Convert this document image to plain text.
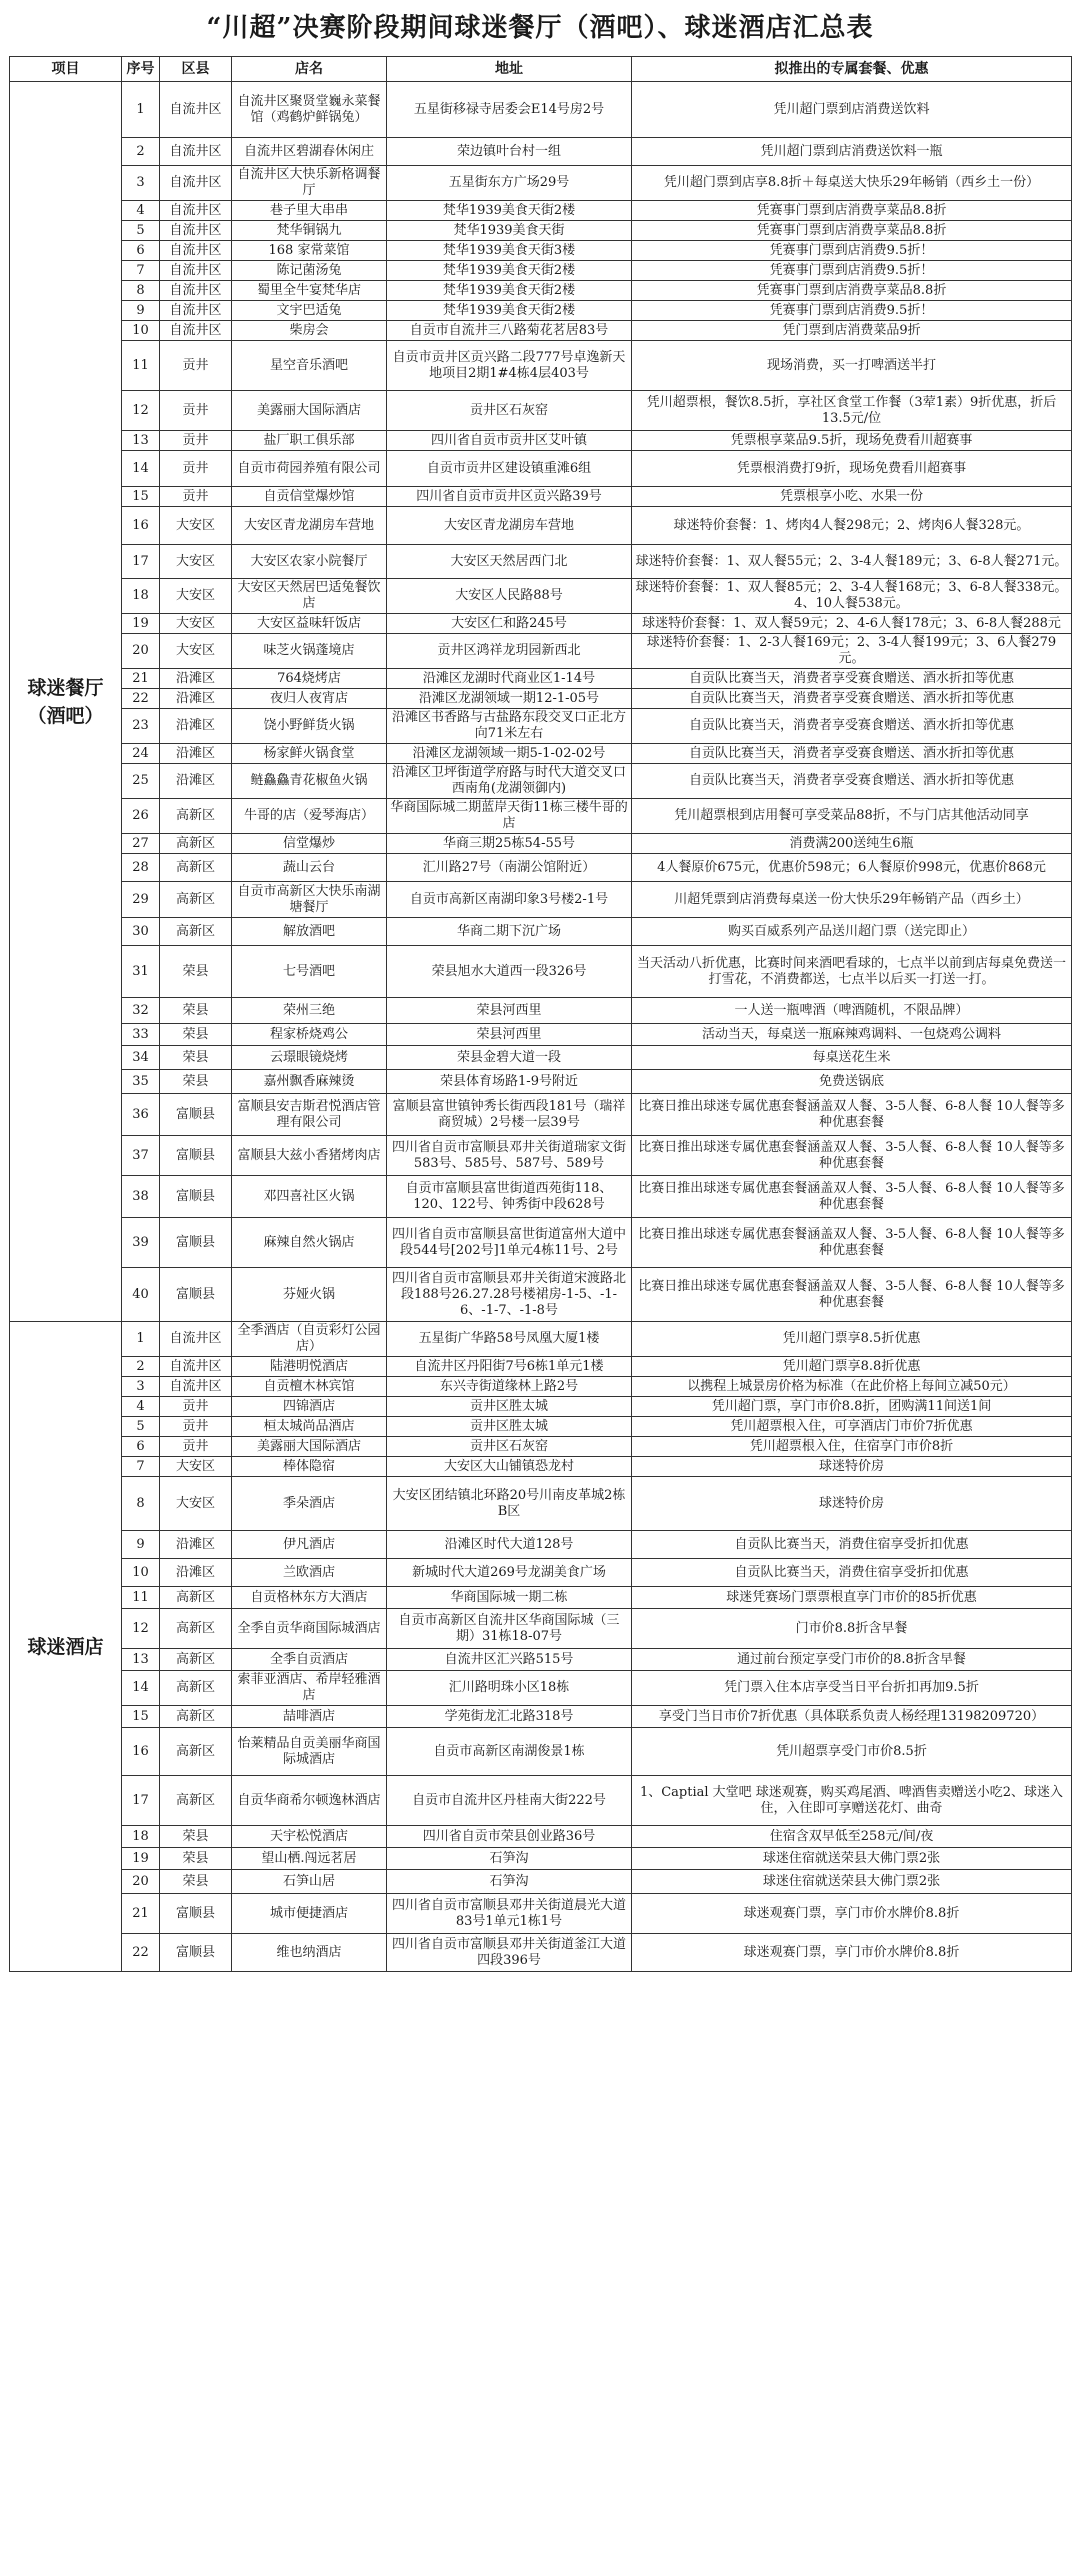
“川超”决赛阶段期间球迷餐厅（酒吧）、球迷酒店汇总表
项目	序号	区县	店名	地址	拟推出的专属套餐、优惠
球迷餐厅（酒吧）	1	自流井区	自流井区聚贤堂巍永菜餐馆（鸡鹤炉鲜锅兔）	五星街移禄寺居委会E14号房2号	凭川超门票到店消费送饮料
	2	自流井区	自流井区碧湖春休闲庄	荣边镇叶台村一组	凭川超门票到店消费送饮料一瓶
	3	自流井区	自流井区大快乐新格调餐厅	五星街东方广场29号	凭川超门票到店享8.8折＋每桌送大快乐29年畅销（西乡土一份）
	4	自流井区	巷子里大串串	梵华1939美食天街2楼	凭赛事门票到店消费享菜品8.8折
	5	自流井区	梵华铜锅九	梵华1939美食天街	凭赛事门票到店消费享菜品8.8折
	6	自流井区	168 家常菜馆	梵华1939美食天街3楼	凭赛事门票到店消费9.5折！
	7	自流井区	陈记菌汤兔	梵华1939美食天街2楼	凭赛事门票到店消费9.5折！
	8	自流井区	蜀里全牛宴梵华店	梵华1939美食天街2楼	凭赛事门票到店消费享菜品8.8折
	9	自流井区	文宇巴适兔	梵华1939美食天街2楼	凭赛事门票到店消费9.5折！
	10	自流井区	柴房会	自贡市自流井三八路菊花茗居83号	凭门票到店消费菜品9折
	11	贡井	星空音乐酒吧	自贡市贡井区贡兴路二段777号卓逸新天地项目2期1#4栋4层403号	现场消费，买一打啤酒送半打
	12	贡井	美露丽大国际酒店	贡井区石灰窑	凭川超票根，餐饮8.5折，享社区食堂工作餐（3荤1素）9折优惠，折后13.5元/位
	13	贡井	盐厂职工俱乐部	四川省自贡市贡井区艾叶镇	凭票根享菜品9.5折，现场免费看川超赛事
	14	贡井	自贡市荷园养殖有限公司	自贡市贡井区建设镇重滩6组	凭票根消费打9折，现场免费看川超赛事
	15	贡井	自贡信堂爆炒馆	四川省自贡市贡井区贡兴路39号	凭票根享小吃、水果一份
	16	大安区	大安区青龙湖房车营地	大安区青龙湖房车营地	球迷特价套餐：1、烤肉4人餐298元；2、烤肉6人餐328元。
	17	大安区	大安区农家小院餐厅	大安区天然居西门北	球迷特价套餐：1、双人餐55元；2、3-4人餐189元；3、6-8人餐271元。
	18	大安区	大安区天然居巴适兔餐饮店	大安区人民路88号	球迷特价套餐：1、双人餐85元；2、3-4人餐168元；3、6-8人餐338元。4、10人餐538元。
	19	大安区	大安区益味轩饭店	大安区仁和路245号	球迷特价套餐：1、双人餐59元；2、4-6人餐178元；3、6-8人餐288元
	20	大安区	味芝火锅蓬境店	贡井区鸿祥龙玥园新西北	球迷特价套餐：1、2-3人餐169元；2、3-4人餐199元；3、6人餐279元。
	21	沿滩区	764烧烤店	沿滩区龙湖时代商业区1-14号	自贡队比赛当天，消费者享受赛食赠送、酒水折扣等优惠
	22	沿滩区	夜归人夜宵店	沿滩区龙湖领域一期12-1-05号	自贡队比赛当天，消费者享受赛食赠送、酒水折扣等优惠
	23	沿滩区	饶小野鲜货火锅	沿滩区书香路与古盐路东段交叉口正北方向71米左右	自贡队比赛当天，消费者享受赛食赠送、酒水折扣等优惠
	24	沿滩区	杨家鲜火锅食堂	沿滩区龙湖领域一期5-1-02-02号	自贡队比赛当天，消费者享受赛食赠送、酒水折扣等优惠
	25	沿滩区	鲢鱻鱻青花椒鱼火锅	沿滩区卫坪街道学府路与时代大道交叉口西南角(龙湖领御内)	自贡队比赛当天，消费者享受赛食赠送、酒水折扣等优惠
	26	高新区	牛哥的店（爱琴海店）	华商国际城二期蓝岸天街11栋三楼牛哥的店	凭川超票根到店用餐可享受菜品88折，不与门店其他活动同享
	27	高新区	信堂爆炒	华商三期25栋54-55号	消费满200送纯生6瓶
	28	高新区	蔬山云台	汇川路27号（南湖公馆附近）	4人餐原价675元，优惠价598元；6人餐原价998元，优惠价868元
	29	高新区	自贡市高新区大快乐南湖塘餐厅	自贡市高新区南湖印象3号楼2-1号	川超凭票到店消费每桌送一份大快乐29年畅销产品（西乡土）
	30	高新区	解放酒吧	华商二期下沉广场	购买百威系列产品送川超门票（送完即止）
	31	荣县	七号酒吧	荣县旭水大道西一段326号	当天活动八折优惠，比赛时间来酒吧看球的，七点半以前到店每桌免费送一打雪花，不消费都送，七点半以后买一打送一打。
	32	荣县	荣州三绝	荣县河西里	一人送一瓶啤酒（啤酒随机，不限品牌）
	33	荣县	程家桥烧鸡公	荣县河西里	活动当天，每桌送一瓶麻辣鸡调料、一包烧鸡公调料
	34	荣县	云璟眼镜烧烤	荣县金碧大道一段	每桌送花生米
	35	荣县	嘉州飘香麻辣烫	荣县体育场路1-9号附近	免费送锅底
	36	富顺县	富顺县安吉斯君悦酒店管理有限公司	富顺县富世镇钟秀长街西段181号（瑞祥商贸城）2号楼一层39号	比赛日推出球迷专属优惠套餐涵盖双人餐、3-5人餐、6-8人餐 10人餐等多种优惠套餐
	37	富顺县	富顺县大兹小香猪烤肉店	四川省自贡市富顺县邓井关街道瑞家文街583号、585号、587号、589号	比赛日推出球迷专属优惠套餐涵盖双人餐、3-5人餐、6-8人餐 10人餐等多种优惠套餐
	38	富顺县	邓四喜社区火锅	自贡市富顺县富世街道西苑街118、120、122号、钟秀街中段628号	比赛日推出球迷专属优惠套餐涵盖双人餐、3-5人餐、6-8人餐 10人餐等多种优惠套餐
	39	富顺县	麻辣自然火锅店	四川省自贡市富顺县富世街道富州大道中段544号[202号]1单元4栋11号、2号	比赛日推出球迷专属优惠套餐涵盖双人餐、3-5人餐、6-8人餐 10人餐等多种优惠套餐
	40	富顺县	芬娅火锅	四川省自贡市富顺县邓井关街道宋渡路北段188号26.27.28号楼裙房-1-5、-1-6、-1-7、-1-8号	比赛日推出球迷专属优惠套餐涵盖双人餐、3-5人餐、6-8人餐 10人餐等多种优惠套餐
球迷酒店	1	自流井区	全季酒店（自贡彩灯公园店）	五星街广华路58号凤凰大厦1楼	凭川超门票享8.5折优惠
	2	自流井区	陆港明悦酒店	自流井区丹阳街7号6栋1单元1楼	凭川超门票享8.8折优惠
	3	自流井区	自贡檀木林宾馆	东兴寺街道缘林上路2号	以携程上城景房价格为标准（在此价格上每间立减50元）
	4	贡井	四锦酒店	贡井区胜太城	凭川超门票，享门市价8.8折，团购满11间送1间
	5	贡井	桓太城尚品酒店	贡井区胜太城	凭川超票根入住，可享酒店门市价7折优惠
	6	贡井	美露丽大国际酒店	贡井区石灰窑	凭川超票根入住，住宿享门市价8折
	7	大安区	棒体隐宿	大安区大山铺镇恐龙村	球迷特价房
	8	大安区	季朵酒店	大安区团结镇北环路20号川南皮革城2栋B区	球迷特价房
	9	沿滩区	伊凡酒店	沿滩区时代大道128号	自贡队比赛当天，消费住宿享受折扣优惠
	10	沿滩区	兰欧酒店	新城时代大道269号龙湖美食广场	自贡队比赛当天，消费住宿享受折扣优惠
	11	高新区	自贡格林东方大酒店	华商国际城一期二栋	球迷凭赛场门票票根直享门市价的85折优惠
	12	高新区	全季自贡华商国际城酒店	自贡市高新区自流井区华商国际城（三期）31栋18-07号	门市价8.8折含早餐
	13	高新区	全季自贡酒店	自流井区汇兴路515号	通过前台预定享受门市价的8.8折含早餐
	14	高新区	索菲亚酒店、希岸轻雅酒店	汇川路明珠小区18栋	凭门票入住本店享受当日平台折扣再加9.5折
	15	高新区	喆啡酒店	学苑街龙汇北路318号	享受门当日市价7折优惠（具体联系负责人杨经理13198209720）
	16	高新区	怡莱精品自贡美丽华商国际城酒店	自贡市高新区南湖俊景1栋	凭川超票享受门市价8.5折
	17	高新区	自贡华商希尔顿逸林酒店	自贡市自流井区丹桂南大街222号	1、Captial 大堂吧 球迷观赛，购买鸡尾酒、啤酒售卖赠送小吃2、球迷入住，入住即可享赠送花灯、曲奇
	18	荣县	天宇松悦酒店	四川省自贡市荣县创业路36号	住宿含双早低至258元/间/夜
	19	荣县	望山栖.闯远茗居	石笋沟	球迷住宿就送荣县大佛门票2张
	20	荣县	石笋山居	石笋沟	球迷住宿就送荣县大佛门票2张
	21	富顺县	城市便捷酒店	四川省自贡市富顺县邓井关街道晨光大道83号1单元1栋1号	球迷观赛门票，享门市价水牌价8.8折
	22	富顺县	维也纳酒店	四川省自贡市富顺县邓井关街道釜江大道四段396号	球迷观赛门票，享门市价水牌价8.8折
